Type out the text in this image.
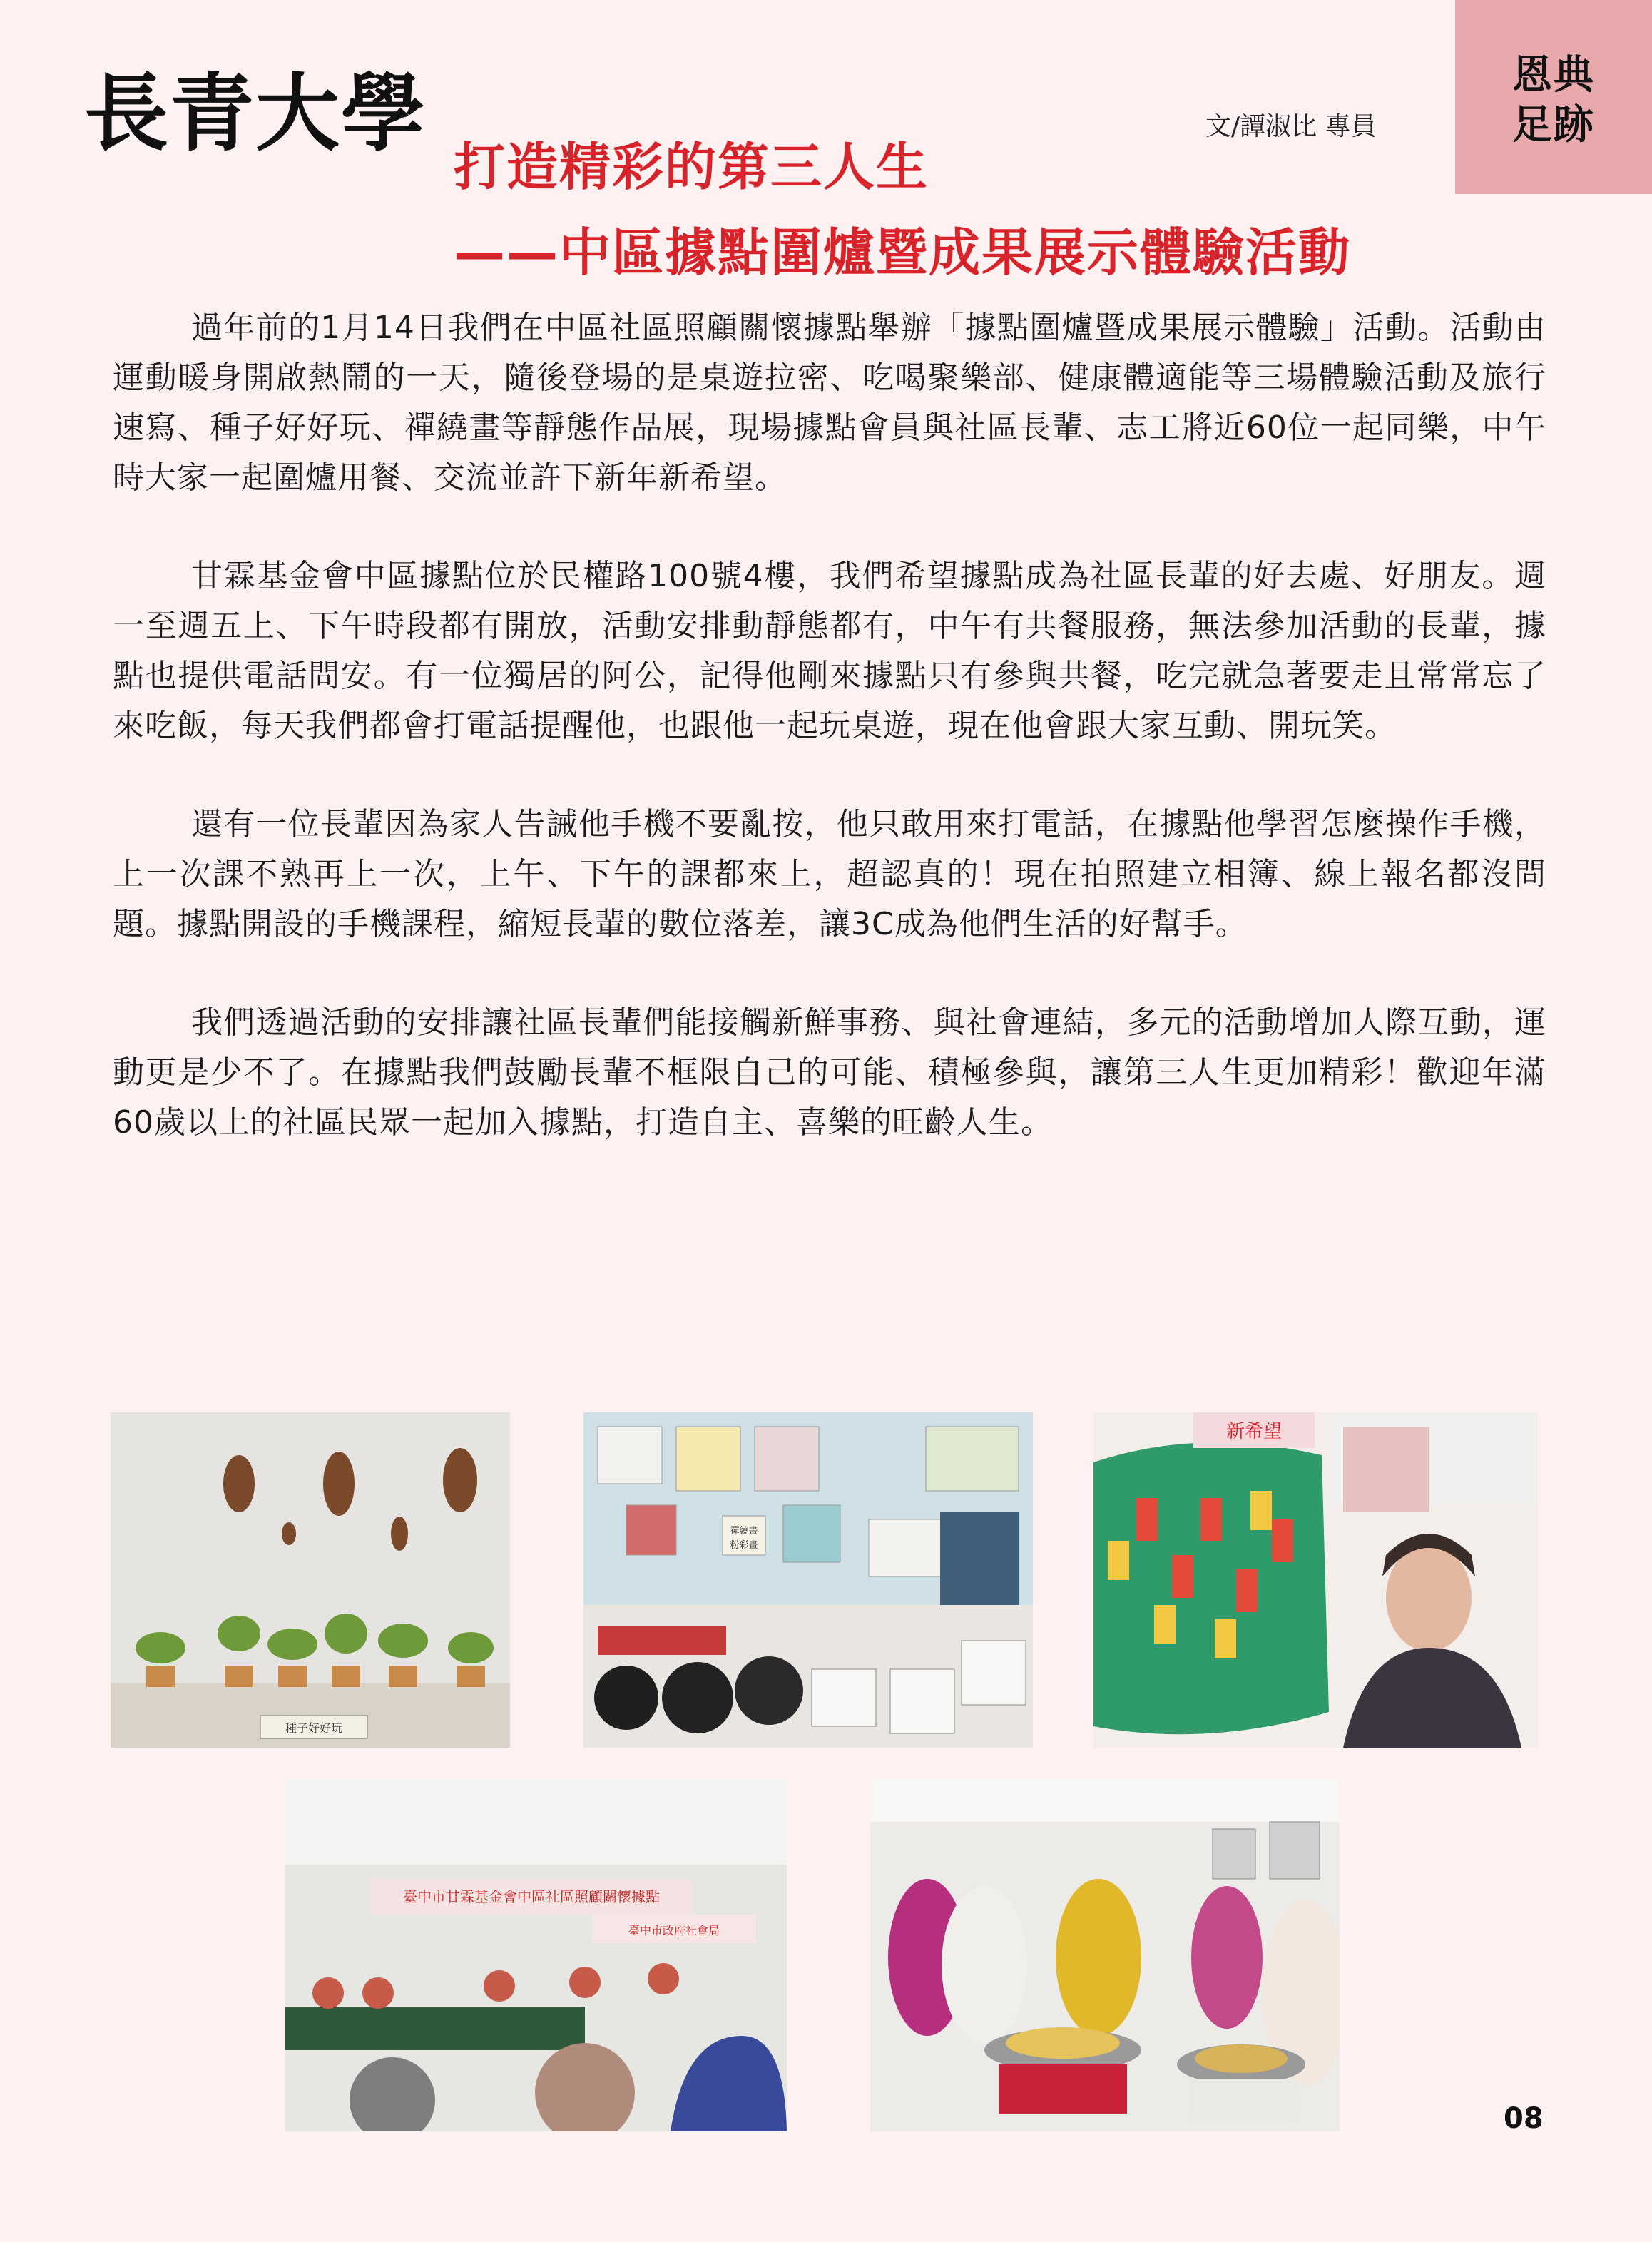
長青大學	文/譚淑比 專員
恩典
足跡
打造精彩的第三人生
——中區據點圍爐暨成果展示體驗活動

過年前的1月14日我們在中區社區照顧關懷據點舉辦「據點圍爐暨成果展示體驗」活動。活動由運動暖身開啟熱鬧的一天，隨後登場的是桌遊拉密、吃喝聚樂部、健康體適能等三場體驗活動及旅行速寫、種子好好玩、禪繞畫等靜態作品展，現場據點會員與社區長輩、志工將近60位一起同樂，中午時大家一起圍爐用餐、交流並許下新年新希望。

甘霖基金會中區據點位於民權路100號4樓，我們希望據點成為社區長輩的好去處、好朋友。週一至週五上、下午時段都有開放，活動安排動靜態都有，中午有共餐服務，無法參加活動的長輩，據點也提供電話問安。有一位獨居的阿公，記得他剛來據點只有參與共餐，吃完就急著要走且常常忘了來吃飯，每天我們都會打電話提醒他，也跟他一起玩桌遊，現在他會跟大家互動、開玩笑。

還有一位長輩因為家人告誡他手機不要亂按，他只敢用來打電話，在據點他學習怎麼操作手機，上一次課不熟再上一次，上午、下午的課都來上，超認真的！現在拍照建立相簿、線上報名都沒問題。據點開設的手機課程，縮短長輩的數位落差，讓3C成為他們生活的好幫手。

我們透過活動的安排讓社區長輩們能接觸新鮮事務、與社會連結，多元的活動增加人際互動，運動更是少不了。在據點我們鼓勵長輩不框限自己的可能、積極參與，讓第三人生更加精彩！歡迎年滿60歲以上的社區民眾一起加入據點，打造自主、喜樂的旺齡人生。

種子好好玩
禪繞畫
粉彩畫
新希望
臺中市甘霖基金會中區社區照顧關懷據點
臺中市政府社會局
08
